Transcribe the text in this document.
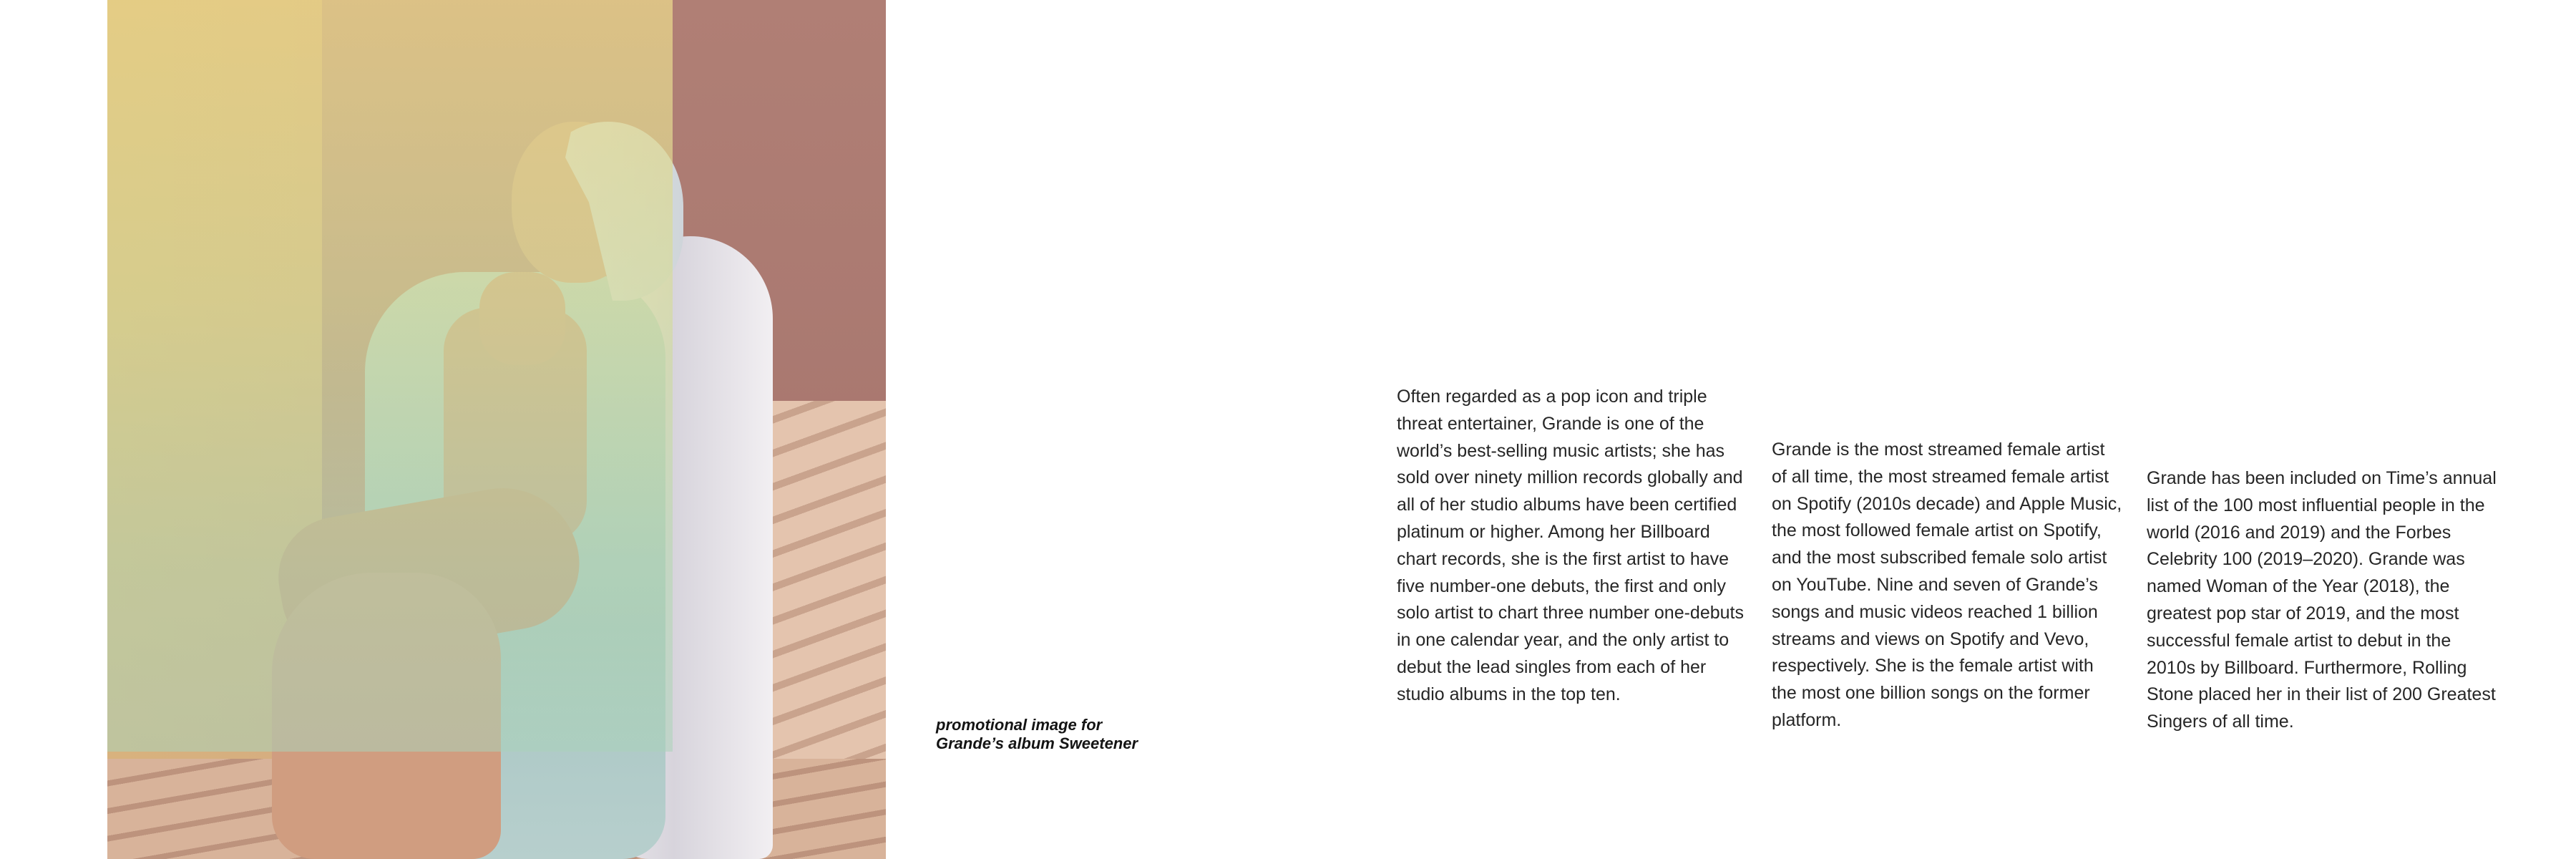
promotional image for
Grande’s album Sweetener

Often regarded as a pop icon and triple threat entertainer, Grande is one of the world’s best-selling music artists; she has sold over ninety million records globally and all of her studio albums have been certified platinum or higher. Among her Billboard chart records, she is the first artist to have five number-one debuts, the first and only solo artist to chart three number one-debuts in one calendar year, and the only artist to debut the lead singles from each of her studio albums in the top ten.

Grande is the most streamed female artist of all time, the most streamed female artist on Spotify (2010s decade) and Apple Music, the most followed female artist on Spotify, and the most subscribed female solo artist on YouTube. Nine and seven of Grande’s songs and music videos reached 1 billion streams and views on Spotify and Vevo, respectively. She is the female artist with the most one billion songs on the former platform.

Grande has been included on Time’s annual list of the 100 most influential people in the world (2016 and 2019) and the Forbes Celebrity 100 (2019–2020). Grande was named Woman of the Year (2018), the greatest pop star of 2019, and the most successful female artist to debut in the 2010s by Billboard. Furthermore, Rolling Stone placed her in their list of 200 Greatest Singers of all time.
